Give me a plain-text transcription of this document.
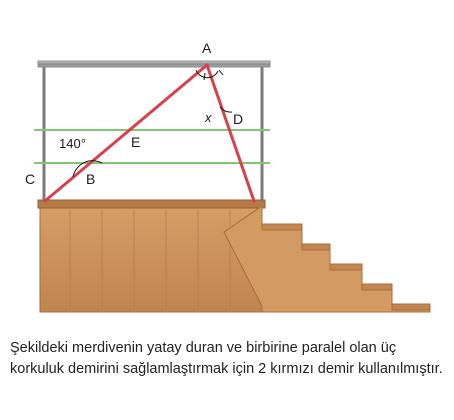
A
B
C
D
E
140°
x
Şekildeki merdivenin yatay duran ve birbirine paralel olan üç korkuluk demirini sağlamlaştırmak için 2 kırmızı demir kullanılmıştır.
